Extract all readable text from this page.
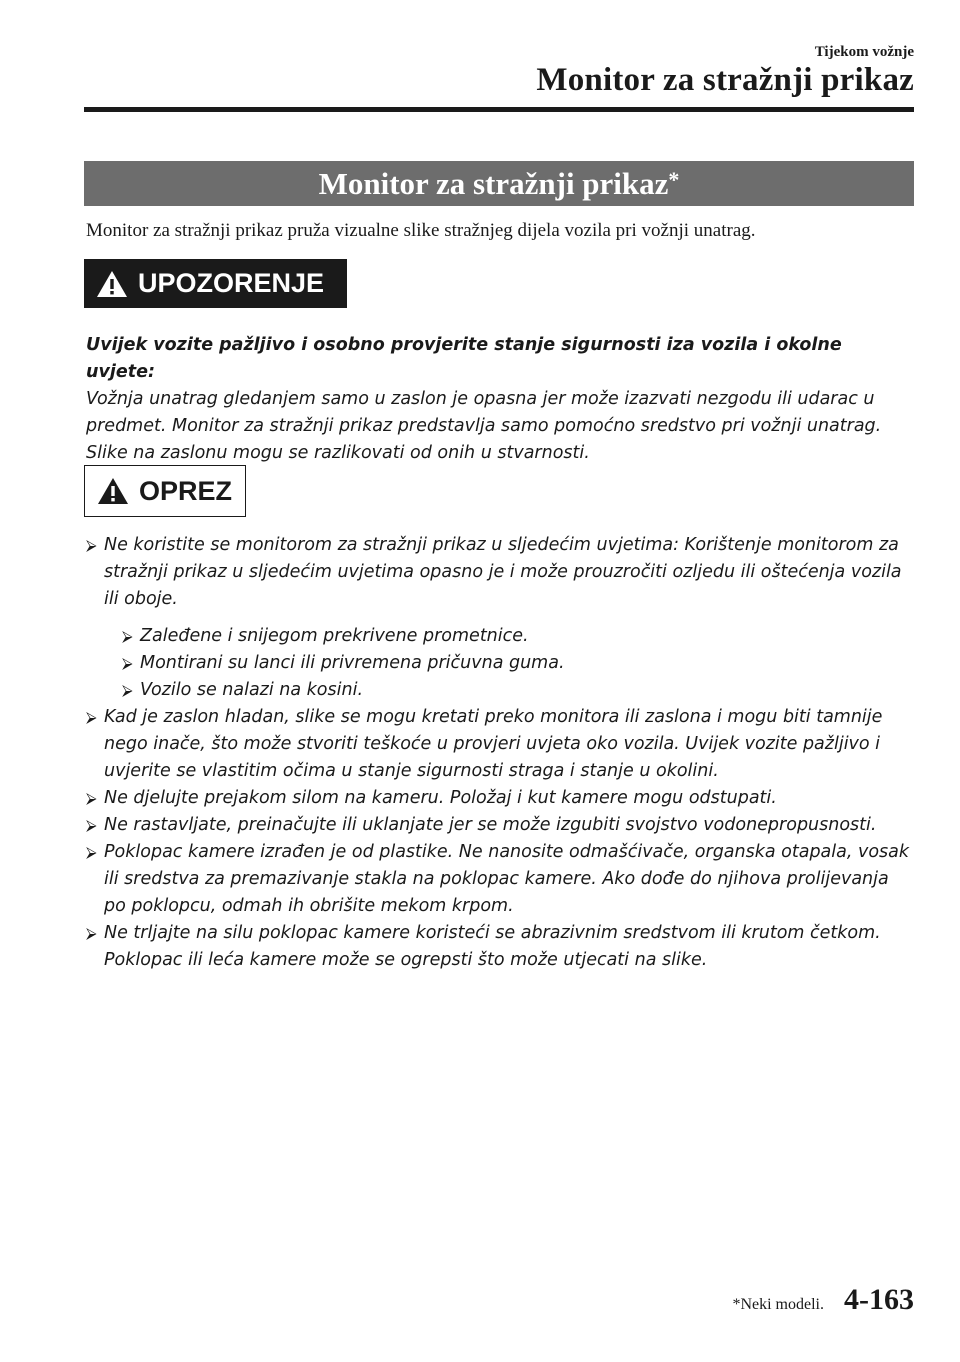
Tijekom vožnje
Monitor za stražnji prikaz
Monitor za stražnji prikaz*
Monitor za stražnji prikaz pruža vizualne slike stražnjeg dijela vozila pri vožnji unatrag.
UPOZORENJE
Uvijek vozite pažljivo i osobno provjerite stanje sigurnosti iza vozila i okolne uvjete:
Vožnja unatrag gledanjem samo u zaslon je opasna jer može izazvati nezgodu ili udarac u predmet. Monitor za stražnji prikaz predstavlja samo pomoćno sredstvo pri vožnji unatrag. Slike na zaslonu mogu se razlikovati od onih u stvarnosti.
OPREZ
⮚ Ne koristite se monitorom za stražnji prikaz u sljedećim uvjetima: Korištenje monitorom za stražnji prikaz u sljedećim uvjetima opasno je i može prouzročiti ozljedu ili oštećenja vozila ili oboje.
⮚ Zaleđene i snijegom prekrivene prometnice.
⮚ Montirani su lanci ili privremena pričuvna guma.
⮚ Vozilo se nalazi na kosini.
⮚ Kad je zaslon hladan, slike se mogu kretati preko monitora ili zaslona i mogu biti tamnije nego inače, što može stvoriti teškoće u provjeri uvjeta oko vozila. Uvijek vozite pažljivo i uvjerite se vlastitim očima u stanje sigurnosti straga i stanje u okolini.
⮚ Ne djelujte prejakom silom na kameru. Položaj i kut kamere mogu odstupati.
⮚ Ne rastavljate, preinačujte ili uklanjate jer se može izgubiti svojstvo vodonepropusnosti.
⮚ Poklopac kamere izrađen je od plastike. Ne nanosite odmašćivače, organska otapala, vosak ili sredstva za premazivanje stakla na poklopac kamere. Ako dođe do njihova prolijevanja po poklopcu, odmah ih obrišite mekom krpom.
⮚ Ne trljajte na silu poklopac kamere koristeći se abrazivnim sredstvom ili krutom četkom. Poklopac ili leća kamere može se ogrepsti što može utjecati na slike.
*Neki modeli. 4-163
